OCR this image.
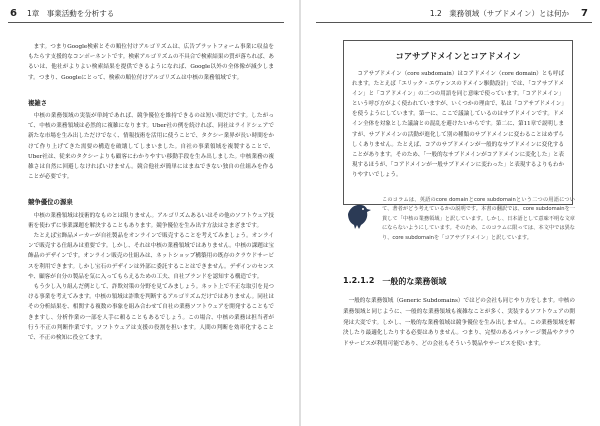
6 1章　事業活動を分析する

ます。つまりGoogle検索とその順位付けアルゴリズムは、広告プラットフォーム事業に収益をもたらす支援的なコンポーネントです。検索アルゴリズムの不具合で検索結果の質が落ちれば、あるいは、他社がよりよい検索結果を提供できるようになれば、Google以外の全体像が減少します。つまり、Googleにとって、検索の順位付けアルゴリズムは中核の業務領域です。

複雑さ

中核の業務領域の実装が単純であれば、競争優位を維持できるのは短い間だけです。したがって、中核の業務領域は必然的に複雑になります。Uber社の例を続ければ、同社はライドシェアで新たな市場を生み出しただけでなく、情報技術を活用に使うことで、タクシー業界が長い時間をかけて作り上げてきた需要の構造を破壊してしまいました。自社の事業領域を複製することで、Uber社は、従来のタクシーよりも顧客にわかりやすい移動手段を生み出しました。中核業務の複雑さは自然に回避しなければいけません。競合他社が簡単にはまねできない独自の仕組みを作ることが必要です。

競争優位の源泉

中核の業務領域は技術的なものとは限りません。アルゴリズムあるいはその他のソフトウェア技術を使わずに事業課題を解決することもあります。競争優位を生み出す方法はさまざまです。

たとえば宝飾品メーカーが自社製品をオンラインで販売することを考えてみましょう。オンラインで販売する仕組みは重要です。しかし、それは中核の業務領域ではありません。中核の課題は宝飾品のデザインです。オンライン販売の仕組みは、ネットショップ構築用の既存のクラウドサービスを利用できます。しかし宝石のデザインは外部に委託することはできません。デザインのセンスや、顧客が自分の製品を気に入ってもらえるための工夫、自社ブランドを認知する構造です。

もう少し入り組んだ例として、詐欺対策の分野を見てみましょう。ネット上で不正な取引を見つける事業を考えてみます。中核の領域は詐欺を判断するアルゴリズムだけではありません。同社はその分析結果を、相関する複数の事象を組み合わせて自社の業務ソフトウェアを開発することもできますし、分析作業の一部を人手に頼ることもあるでしょう。この場合、中核の業務は担当者が行う不正の判断作業です。ソフトウェアは支援の役割を担います。人間の判断を効率化することで、不正の検知に役立てます。

1.2　業務領域（サブドメイン）とは何か 7
コアサブドメインとコアドメイン
コアサブドメイン（core subdomain）はコアドメイン（core domain）とも呼ばれます。たとえば「エリック・エヴァンスのドメイン駆動設計」では、「コアサブドメイン」と「コアドメイン」の二つの用語を同じ意味で使っています。「コアドメイン」という呼び方がよく使われていますが、いくつかの理由で、私は「コアサブドメイン」を使うようにしています。第一に、ここで議論しているのはサブドメインです。ドメイン全体を対象とした議論との混乱を避けたいからです。第二に、第11章で説明しますが、サブドメインの活動が進化して別の種類のサブドメインに変わることはめずらしくありません。たとえば、コアのサブドメインが一般的なサブドメインに変化することがあります。そのため、「一般的なサブドメインがコアドメインに変化した」と表現するほうが、「コアドメインが一般サブドメインに変わった」と表現するよりもわかりやすいでしょう。
このコラムは、英語のcore domainとcore subdomainという二つの用語について、著者がどう考えているかの説明です。本書の翻訳では、core subdomainを一貫して「中核の業務領域」と訳しています。しかし、日本語として意味不明な文章にならないようにしています。そのため、このコラムに限っては、本文中では異なり、core subdomainを「コアサブドメイン」と訳しています。
1.2.1.2 一般的な業務領域
一般的な業務領域（Generic Subdomains）ではどの会社も同じやり方をします。中核の業務領域と同じように、一般的な業務領域も複雑なことが多く、実装するソフトウェアの開発は大変です。しかし、一般的な業務領域は競争優位を生み出しません。この業務領域を解決したり最適化したりする必要はありません。つまり、完璧のあるパッケージ製品やクラウドサービスが利用可能であり、どの会社もそういう製品やサービスを使います。
